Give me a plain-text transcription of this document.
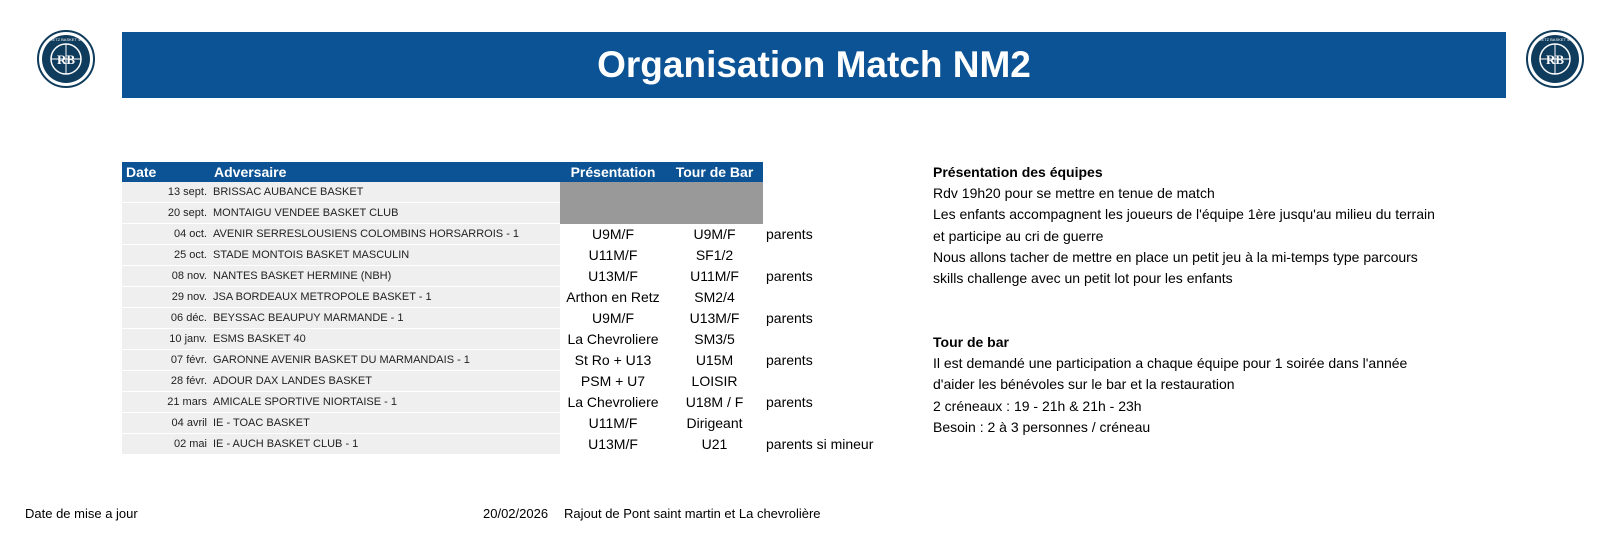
RB
RETZ BASKET 44
RB
RETZ BASKET 44
Organisation Match NM2
Date	Adversaire	Présentation	Tour de Bar	
13 sept.	BRISSAC AUBANCE BASKET			
20 sept.	MONTAIGU VENDEE BASKET CLUB			
04 oct.	AVENIR SERRESLOUSIENS COLOMBINS HORSARROIS - 1	U9M/F	U9M/F	parents
25 oct.	STADE MONTOIS BASKET MASCULIN	U11M/F	SF1/2	
08 nov.	NANTES BASKET HERMINE (NBH)	U13M/F	U11M/F	parents
29 nov.	JSA BORDEAUX METROPOLE BASKET - 1	Arthon en Retz	SM2/4	
06 déc.	BEYSSAC BEAUPUY MARMANDE - 1	U9M/F	U13M/F	parents
10 janv.	ESMS BASKET 40	La Chevroliere	SM3/5	
07 févr.	GARONNE AVENIR BASKET DU MARMANDAIS - 1	St Ro + U13	U15M	parents
28 févr.	ADOUR DAX LANDES BASKET	PSM + U7	LOISIR	
21 mars	AMICALE SPORTIVE NIORTAISE - 1	La Chevroliere	U18M / F	parents
04 avril	IE - TOAC BASKET	U11M/F	Dirigeant	
02 mai	IE - AUCH BASKET CLUB - 1	U13M/F	U21	parents si mineur
Présentation des équipes
Rdv 19h20 pour se mettre en tenue de match
Les enfants accompagnent les joueurs de l'équipe 1ère jusqu'au milieu du terrain
et participe au cri de guerre
Nous allons tacher de mettre en place un petit jeu à la mi-temps type parcours
skills challenge avec un petit lot pour les enfants
Tour de bar
Il est demandé une participation a chaque équipe pour 1 soirée dans l'année
d'aider les bénévoles sur le bar et la restauration
2 créneaux : 19 - 21h & 21h - 23h
Besoin : 2 à 3 personnes / créneau
Date de mise a jour	20/02/2026 Rajout de Pont saint martin et La chevrolière
